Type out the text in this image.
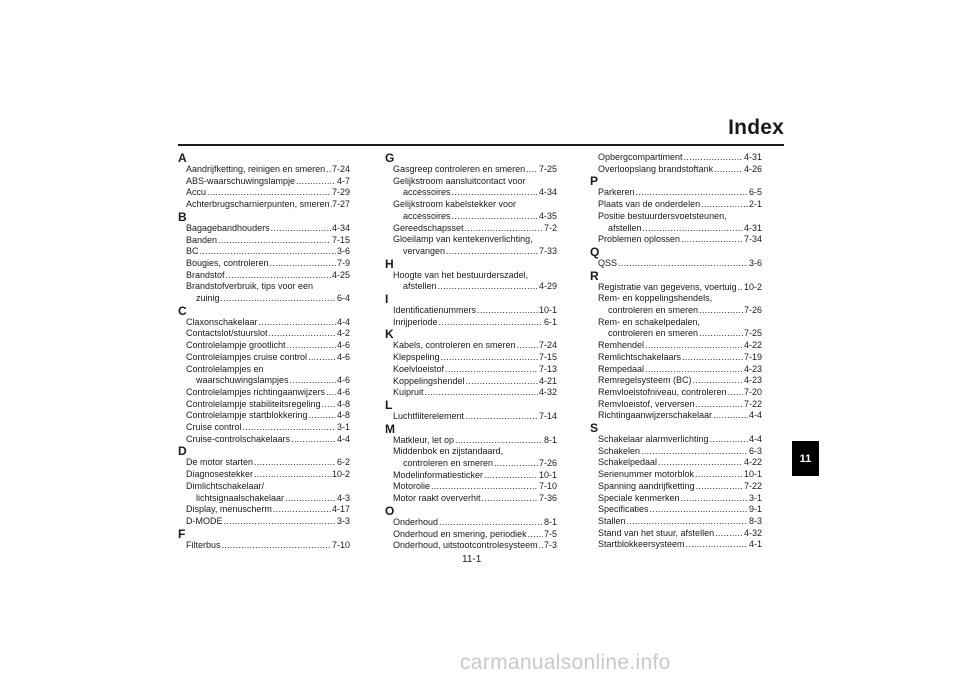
Index
A
Aandrijfketting, reinigen en smeren ..... 7-24
ABS-waarschuwingslampje .....	4-7
Accu .....	7-29
Achterbrugscharnierpunten, smeren ..... 7-27
B
Bagagebandhouders .....	4-34
Banden .....	7-15
BC .....	3-6
Bougies, controleren .....	7-9
Brandstof .....	4-25
Brandstofverbruik, tips voor een
zuinig .....	6-4
C
Claxonschakelaar .....	4-4
Contactslot/stuurslot .....	4-2
Controlelampje grootlicht .....	4-6
Controlelampjes cruise control .....	4-6
Controlelampjes en
waarschuwingslampjes .....	4-6
Controlelampjes richtingaanwijzers ..... 4-6
Controlelampje stabiliteitsregeling ..... 4-8
Controlelampje startblokkering .....	4-8
Cruise control .....	3-1
Cruise-controlschakelaars .....	4-4
D
De motor starten .....	6-2
Diagnosestekker .....	10-2
Dimlichtschakelaar/
lichtsignaalschakelaar .....	4-3
Display, menuscherm .....	4-17
D-MODE .....	3-3
F
Filterbus .....	7-10
G
Gasgreep controleren en smeren ..... 7-25
Gelijkstroom aansluitcontact voor
accessoires .....	4-34
Gelijkstroom kabelstekker voor
accessoires .....	4-35
Gereedschapsset .....	7-2
Gloeilamp van kentekenverlichting,
vervangen .....	7-33
H
Hoogte van het bestuurderszadel,
afstellen .....	4-29
I
Identificatienummers .....	10-1
Inrijperiode .....	6-1
K
Kabels, controleren en smeren .....	7-24
Klepspeling .....	7-15
Koelvloeistof .....	7-13
Koppelingshendel .....	4-21
Kuipruit .....	4-32
L
Luchtfilterelement .....	7-14
M
Matkleur, let op .....	8-1
Middenbok en zijstandaard,
controleren en smeren .....	7-26
Modelinformatiesticker .....	10-1
Motorolie .....	7-10
Motor raakt oververhit .....	7-36
O
Onderhoud .....	8-1
Onderhoud en smering, periodiek ..... 7-5
Onderhoud, uitstootcontrolesysteem ..... 7-3
Opbergcompartiment .....	4-31
Overloopslang brandstoftank .....	4-26
P
Parkeren .....	6-5
Plaats van de onderdelen .....	2-1
Positie bestuurdersvoetsteunen,
afstellen .....	4-31
Problemen oplossen .....	7-34
Q
QSS .....	3-6
R
Registratie van gegevens, voertuig ..... 10-2
Rem- en koppelingshendels,
controleren en smeren .....	7-26
Rem- en schakelpedalen,
controleren en smeren .....	7-25
Remhendel .....	4-22
Remlichtschakelaars .....	7-19
Rempedaal .....	4-23
Remregelsysteem (BC) .....	4-23
Remvloeistofniveau, controleren ..... 7-20
Remvloeistof, verversen .....	7-22
Richtingaanwijzerschakelaar .....	4-4
S
Schakelaar alarmverlichting .....	4-4
Schakelen .....	6-3
Schakelpedaal .....	4-22
Serienummer motorblok .....	10-1
Spanning aandrijfketting .....	7-22
Speciale kenmerken .....	3-1
Specificaties .....	9-1
Stallen .....	8-3
Stand van het stuur, afstellen .....	4-32
Startblokkeersysteem .....	4-1
11
11-1
carmanualsonline.info
